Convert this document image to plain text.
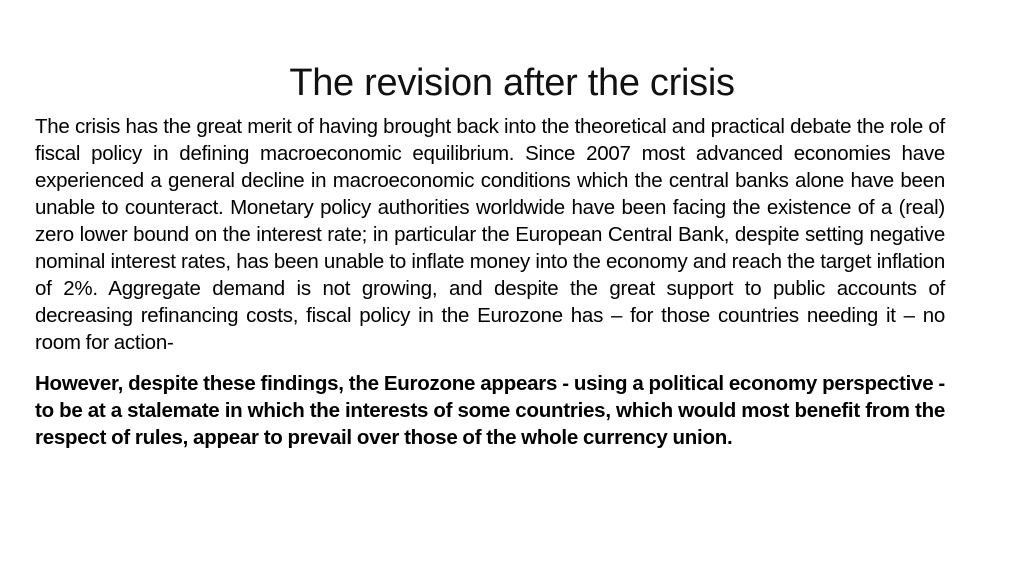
The revision after the crisis

The crisis has the great merit of having brought back into the theoretical and practical debate the role of fiscal policy in defining macroeconomic equilibrium. Since 2007 most advanced economies have experienced a general decline in macroeconomic conditions which the central banks alone have been unable to counteract. Monetary policy authorities worldwide have been facing the existence of a (real) zero lower bound on the interest rate; in particular the European Central Bank, despite setting negative nominal interest rates, has been unable to inflate money into the economy and reach the target inflation of 2%. Aggregate demand is not growing, and despite the great support to public accounts of decreasing refinancing costs, fiscal policy in the Eurozone has – for those countries needing it – no room for action-

However, despite these findings, the Eurozone appears - using a political economy perspective - to be at a stalemate in which the interests of some countries, which would most benefit from the respect of rules, appear to prevail over those of the whole currency union.
